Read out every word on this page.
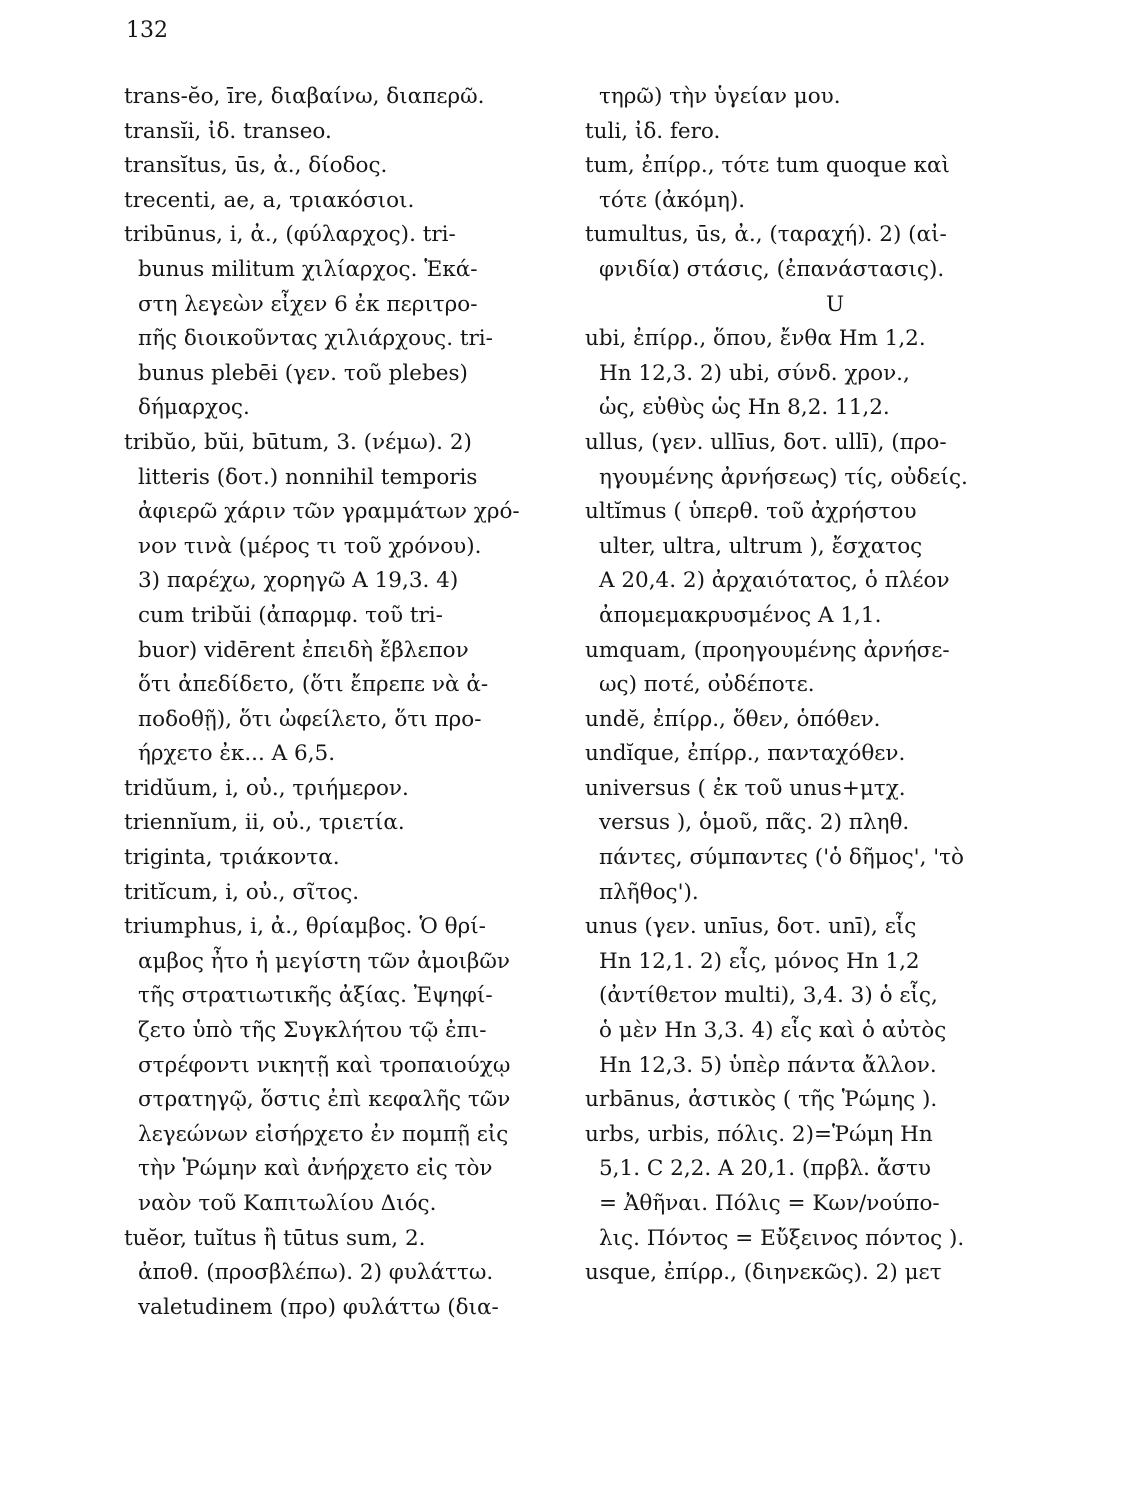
132
trans-ĕo, īre, διαβαίνω, διαπερῶ.
transĭi, ἰδ. transeo.
transĭtus, ūs, ἀ., δίοδος.
trecenti, ae, a, τριακόσιοι.
tribūnus, i, ἀ., (φύλαρχος). tri-
bunus militum χιλίαρχος. Ἑκά-
στη λεγεὼν εἶχεν 6 ἐκ περιτρο-
πῆς διοικοῦντας χιλιάρχους. tri-
bunus plebēi (γεν. τοῦ plebes)
δήμαρχος.
tribŭo, bŭi, būtum, 3. (νέμω). 2)
litteris (δοτ.) nonnihil temporis
ἀφιερῶ χάριν τῶν γραμμάτων χρό-
νον τινὰ (μέρος τι τοῦ χρόνου).
3) παρέχω, χορηγῶ A 19,3. 4)
cum tribŭi (ἀπαρμφ. τοῦ tri-
buor) vidērent ἐπειδὴ ἔβλεπον
ὅτι ἀπεδίδετο, (ὅτι ἔπρεπε νὰ ἀ-
ποδοθῇ), ὅτι ὠφείλετο, ὅτι προ-
ήρχετο ἐκ... A 6,5.
tridŭum, i, οὐ., τριήμερον.
triennĭum, ii, οὐ., τριετία.
triginta, τριάκοντα.
tritĭcum, i, οὐ., σῖτος.
triumphus, i, ἀ., θρίαμβος. Ὁ θρί-
αμβος ἦτο ἡ μεγίστη τῶν ἀμοιβῶν
τῆς στρατιωτικῆς ἀξίας. Ἐψηφί-
ζετο ὑπὸ τῆς Συγκλήτου τῷ ἐπι-
στρέφοντι νικητῇ καὶ τροπαιούχῳ
στρατηγῷ, ὅστις ἐπὶ κεφαλῆς τῶν
λεγεώνων εἰσήρχετο ἐν πομπῇ εἰς
τὴν Ῥώμην καὶ ἀνήρχετο εἰς τὸν
ναὸν τοῦ Καπιτωλίου Διός.
tuĕor, tuĭtus ἢ tūtus sum, 2.
ἀποθ. (προσβλέπω). 2) φυλάττω.
valetudinem (προ) φυλάττω (δια-
τηρῶ) τὴν ὑγείαν μου.
tuli, ἰδ. fero.
tum, ἐπίρρ., τότε tum quoque καὶ
τότε (ἀκόμη).
tumultus, ūs, ἀ., (ταραχή). 2) (αἰ-
φνιδία) στάσις, (ἐπανάστασις).
U
ubi, ἐπίρρ., ὅπου, ἔνθα Hm 1,2.
Hn 12,3. 2) ubi, σύνδ. χρον.,
ὡς, εὐθὺς ὡς Hn 8,2. 11,2.
ullus, (γεν. ullīus, δοτ. ullī), (προ-
ηγουμένης ἀρνήσεως) τίς, οὐδείς.
ultĭmus ( ὑπερθ. τοῦ ἀχρήστου
ulter, ultra, ultrum ), ἔσχατος
A 20,4. 2) ἀρχαιότατος, ὁ πλέον
ἀπομεμακρυσμένος A 1,1.
umquam, (προηγουμένης ἀρνήσε-
ως) ποτέ, οὐδέποτε.
undĕ, ἐπίρρ., ὅθεν, ὁπόθεν.
undĭque, ἐπίρρ., πανταχόθεν.
universus ( ἐκ τοῦ unus+μτχ.
versus ), ὁμοῦ, πᾶς. 2) πληθ.
πάντες, σύμπαντες ('ὁ δῆμος', 'τὸ
πλῆθος').
unus (γεν. unīus, δοτ. unī), εἷς
Hn 12,1. 2) εἷς, μόνος Hn 1,2
(ἀντίθετον multi), 3,4. 3) ὁ εἷς,
ὁ μὲν Hn 3,3. 4) εἷς καὶ ὁ αὐτὸς
Hn 12,3. 5) ὑπὲρ πάντα ἄλλον.
urbānus, ἀστικὸς ( τῆς Ῥώμης ).
urbs, urbis, πόλις. 2)=Ῥώμη Hn
5,1. C 2,2. A 20,1. (πρβλ. ἄστυ
= Ἀθῆναι. Πόλις = Κων/νούπο-
λις. Πόντος = Εὔξεινος πόντος ).
usque, ἐπίρρ., (διηνεκῶς). 2) μετ
